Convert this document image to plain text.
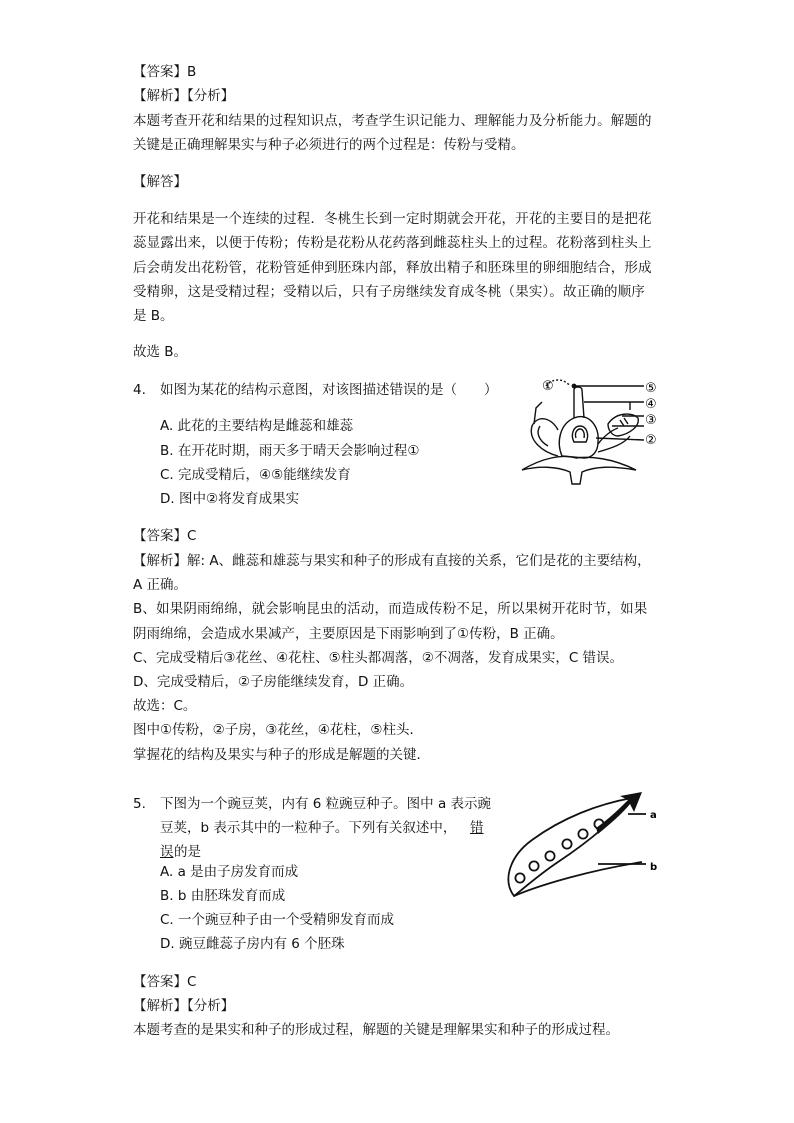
【答案】B
【解析】【分析】
本题考查开花和结果的过程知识点，考查学生识记能力、理解能力及分析能力。解题的
关键是正确理解果实与种子必须进行的两个过程是：传粉与受精。
【解答】
开花和结果是一个连续的过程．冬桃生长到一定时期就会开花，开花的主要目的是把花
蕊显露出来，以便于传粉；传粉是花粉从花药落到雌蕊柱头上的过程。花粉落到柱头上
后会萌发出花粉管，花粉管延伸到胚珠内部，释放出精子和胚珠里的卵细胞结合，形成
受精卵，这是受精过程；受精以后，只有子房继续发育成冬桃（果实）。故正确的顺序
是 B。
故选 B。
4. 如图为某花的结构示意图，对该图描述错误的是（　　）
A. 此花的主要结构是雌蕊和雄蕊
B. 在开花时期，雨天多于晴天会影响过程①
C. 完成受精后，④⑤能继续发育
D. 图中②将发育成果实
①	⑤
④
③
②
【答案】C
【解析】解: A、雌蕊和雄蕊与果实和种子的形成有直接的关系，它们是花的主要结构，
A 正确。
B、如果阴雨绵绵，就会影响昆虫的活动，而造成传粉不足，所以果树开花时节，如果
阴雨绵绵，会造成水果减产，主要原因是下雨影响到了①传粉，B 正确。
C、完成受精后③花丝、④花柱、⑤柱头都凋落，②不凋落，发育成果实，C 错误。
D、完成受精后，②子房能继续发育，D 正确。
故选：C。
图中①传粉，②子房，③花丝，④花柱，⑤柱头．
掌握花的结构及果实与种子的形成是解题的关键．
5. 下图为一个豌豆荚，内有 6 粒豌豆种子。图中 a 表示豌
豆荚，b 表示其中的一粒种子。下列有关叙述中， 错
误 的是
A. a 是由子房发育而成
B. b 由胚珠发育而成
C. 一个豌豆种子由一个受精卵发育而成
D. 豌豆雌蕊子房内有 6 个胚珠
a
b
【答案】C
【解析】【分析】
本题考查的是果实和种子的形成过程，解题的关键是理解果实和种子的形成过程。
